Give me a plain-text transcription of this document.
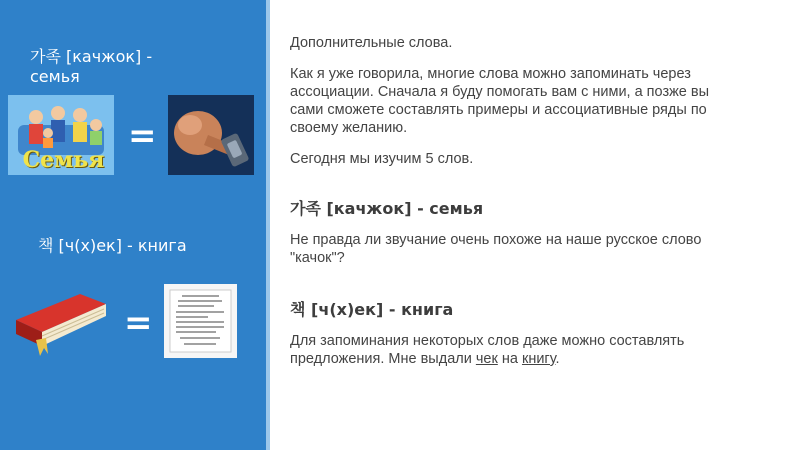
가족 [качжок] - семья
Семья
=
책 [ч(х)ек] - книга
=

Дополнительные слова.

Как я уже говорила, многие слова можно запоминать через ассоциации. Сначала я буду помогать вам с ними, а позже вы сами сможете составлять примеры и ассоциативные ряды по своему желанию.

Сегодня мы изучим 5 слов.

가족 [качжок] - семья

Не правда ли звучание очень похоже на наше русское слово "качок"?

책 [ч(х)ек] - книга

Для запоминания некоторых слов даже можно составлять предложения. Мне выдали чек на книгу.
